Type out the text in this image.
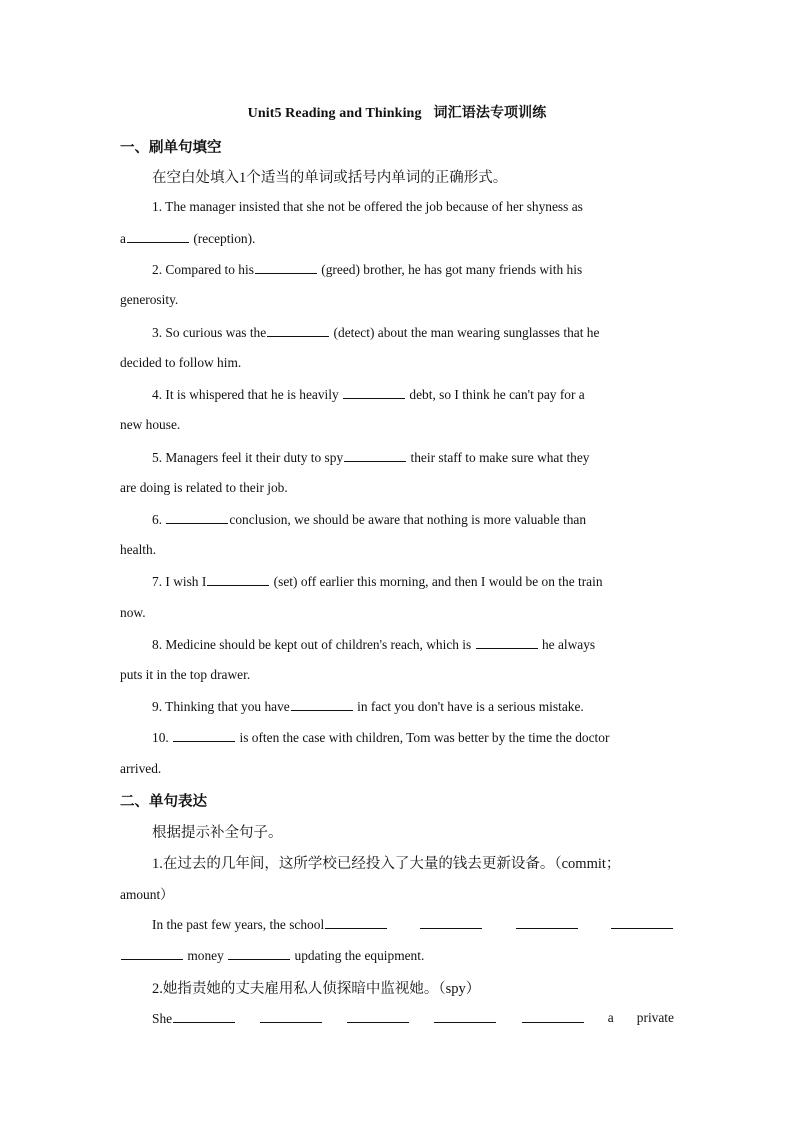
Unit5 Reading and Thinking 词汇语法专项训练
一、刷单句填空
在空白处填入1个适当的单词或括号内单词的正确形式。
1. The manager insisted that she not be offered the job because of her shyness as
a	(reception).
2. Compared to his	(greed) brother, he has got many friends with his
generosity.
3. So curious was the	(detect) about the man wearing sunglasses that he
decided to follow him.
4. It is whispered that he is heavily	debt, so I think he can't pay for a
new house.
5. Managers feel it their duty to spy	their staff to make sure what they
are doing is related to their job.
6.	conclusion, we should be aware that nothing is more valuable than
health.
7. I wish I	(set) off earlier this morning, and then I would be on the train
now.
8. Medicine should be kept out of children's reach, which is	he always
puts it in the top drawer.
9. Thinking that you have	in fact you don't have is a serious mistake.
10.	is often the case with children, Tom was better by the time the doctor
arrived.
二、单句表达
根据提示补全句子。
1.在过去的几年间，这所学校已经投入了大量的钱去更新设备。（commit；
amount）
In the past few years, the school
money	updating the equipment.
2.她指责她的丈夫雇用私人侦探暗中监视她。（spy）
She	a private
